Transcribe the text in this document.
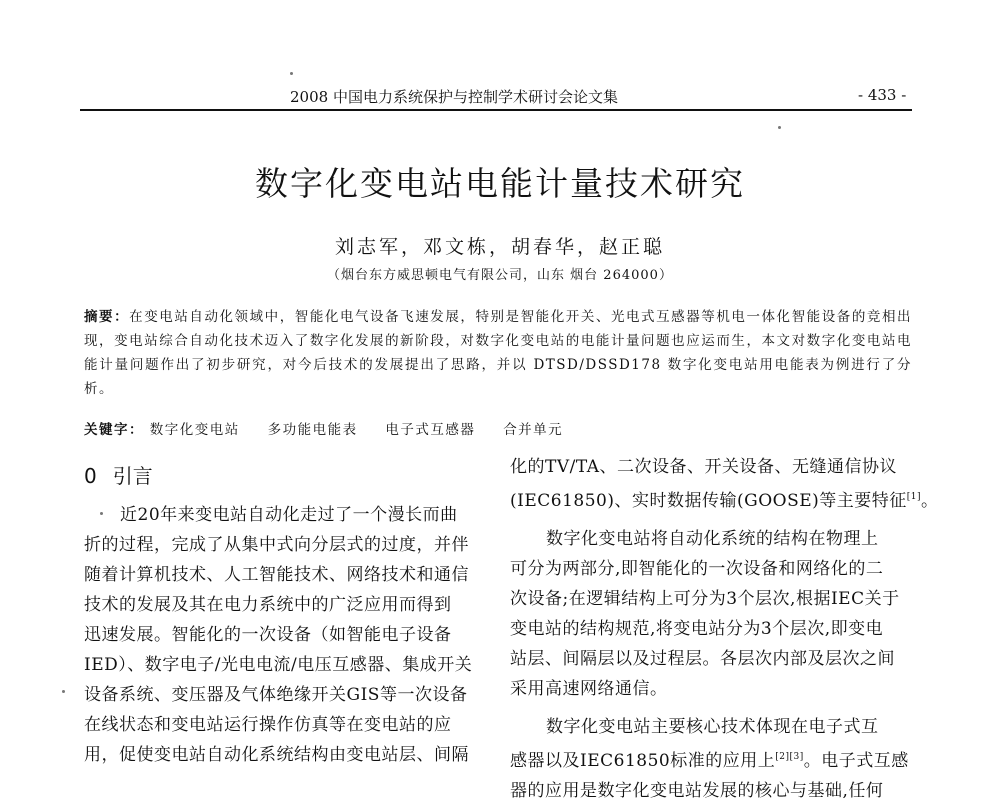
2008 中国电力系统保护与控制学术研讨会论文集	- 433 -
数字化变电站电能计量技术研究
刘志军，邓文栋，胡春华，赵正聪
（烟台东方威思顿电气有限公司，山东 烟台 264000）
摘要：在变电站自动化领域中，智能化电气设备飞速发展，特别是智能化开关、光电式互感器等机电一体化智能设备的竞相出现，变电站综合自动化技术迈入了数字化发展的新阶段，对数字化变电站的电能计量问题也应运而生，本文对数字化变电站电能计量问题作出了初步研究，对今后技术的发展提出了思路，并以 DTSD/DSSD178 数字化变电站用电能表为例进行了分析。
关键字： 数字化变电站 多功能电能表 电子式互感器 合并单元
0 引言
近20年来变电站自动化走过了一个漫长而曲
折的过程，完成了从集中式向分层式的过度，并伴
随着计算机技术、人工智能技术、网络技术和通信
技术的发展及其在电力系统中的广泛应用而得到
迅速发展。智能化的一次设备（如智能电子设备
IED）、数字电子/光电电流/电压互感器、集成开关
设备系统、变压器及气体绝缘开关GIS等一次设备
在线状态和变电站运行操作仿真等在变电站的应
用，促使变电站自动化系统结构由变电站层、间隔
化的TV/TA、二次设备、开关设备、无缝通信协议
(IEC61850)、实时数据传输(GOOSE)等主要特征[1]。
数字化变电站将自动化系统的结构在物理上
可分为两部分,即智能化的一次设备和网络化的二
次设备;在逻辑结构上可分为3个层次,根据IEC关于
变电站的结构规范,将变电站分为3个层次,即变电
站层、间隔层以及过程层。各层次内部及层次之间
采用高速网络通信。
数字化变电站主要核心技术体现在电子式互
感器以及IEC61850标准的应用上[2][3]。电子式互感
器的应用是数字化变电站发展的核心与基础,任何
